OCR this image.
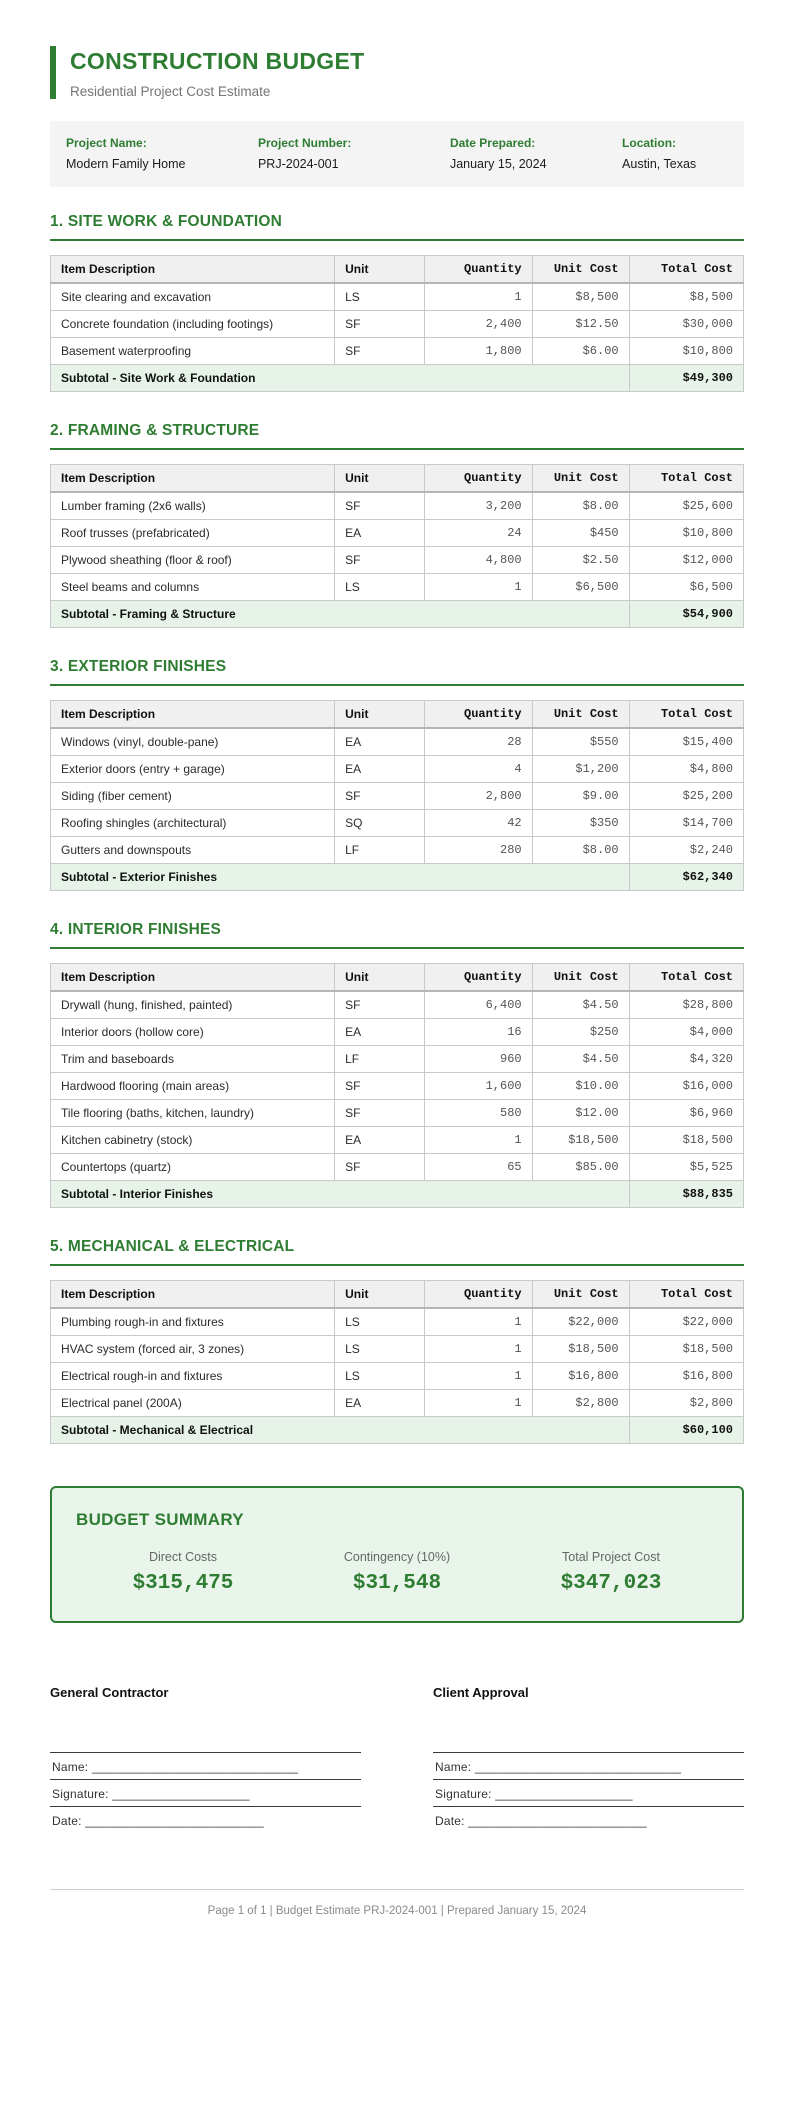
CONSTRUCTION BUDGET

Residential Project Cost Estimate

Project Name:
Modern Family Home
Project Number:
PRJ-2024-001
Date Prepared:
January 15, 2024
Location:
Austin, Texas
1. SITE WORK & FOUNDATION
Item Description	Unit	Quantity	Unit Cost	Total Cost
Site clearing and excavation	LS	1	$8,500	$8,500
Concrete foundation (including footings)	SF	2,400	$12.50	$30,000
Basement waterproofing	SF	1,800	$6.00	$10,800
Subtotal - Site Work & Foundation				$49,300
2. FRAMING & STRUCTURE
Item Description	Unit	Quantity	Unit Cost	Total Cost
Lumber framing (2x6 walls)	SF	3,200	$8.00	$25,600
Roof trusses (prefabricated)	EA	24	$450	$10,800
Plywood sheathing (floor & roof)	SF	4,800	$2.50	$12,000
Steel beams and columns	LS	1	$6,500	$6,500
Subtotal - Framing & Structure				$54,900
3. EXTERIOR FINISHES
Item Description	Unit	Quantity	Unit Cost	Total Cost
Windows (vinyl, double-pane)	EA	28	$550	$15,400
Exterior doors (entry + garage)	EA	4	$1,200	$4,800
Siding (fiber cement)	SF	2,800	$9.00	$25,200
Roofing shingles (architectural)	SQ	42	$350	$14,700
Gutters and downspouts	LF	280	$8.00	$2,240
Subtotal - Exterior Finishes				$62,340
4. INTERIOR FINISHES
Item Description	Unit	Quantity	Unit Cost	Total Cost
Drywall (hung, finished, painted)	SF	6,400	$4.50	$28,800
Interior doors (hollow core)	EA	16	$250	$4,000
Trim and baseboards	LF	960	$4.50	$4,320
Hardwood flooring (main areas)	SF	1,600	$10.00	$16,000
Tile flooring (baths, kitchen, laundry)	SF	580	$12.00	$6,960
Kitchen cabinetry (stock)	EA	1	$18,500	$18,500
Countertops (quartz)	SF	65	$85.00	$5,525
Subtotal - Interior Finishes				$88,835
5. MECHANICAL & ELECTRICAL
Item Description	Unit	Quantity	Unit Cost	Total Cost
Plumbing rough-in and fixtures	LS	1	$22,000	$22,000
HVAC system (forced air, 3 zones)	LS	1	$18,500	$18,500
Electrical rough-in and fixtures	LS	1	$16,800	$16,800
Electrical panel (200A)	EA	1	$2,800	$2,800
Subtotal - Mechanical & Electrical				$60,100
BUDGET SUMMARY
Direct Costs
$315,475
Contingency (10%)
$31,548
Total Project Cost
$347,023
General Contractor
Name: ______________________________
Signature: ____________________
Date: __________________________
Client Approval
Name: ______________________________
Signature: ____________________
Date: __________________________

Page 1 of 1 | Budget Estimate PRJ-2024-001 | Prepared January 15, 2024
